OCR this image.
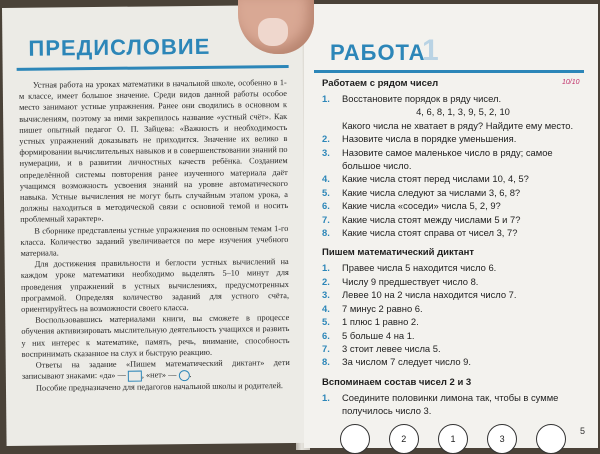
ПРЕДИСЛОВИЕ

Устная работа на уроках математики в начальной школе, особенно в 1-м классе, имеет большое значение. Среди видов данной работы особое место занимают устные упражнения. Ранее они сводились в основном к вычислениям, поэтому за ними закрепилось название «устный счёт». Как пишет опытный педагог О. П. Зайцева: «Важность и необходимость устных упражнений доказывать не приходится. Значение их велико в формировании вычислительных навыков и в совершенствовании знаний по нумерации, и в развитии личностных качеств ребёнка. Созданием определённой системы повторения ранее изученного материала даёт учащимся возможность усвоения знаний на уровне автоматического навыка. Устные вычисления не могут быть случайным этапом урока, а должны находиться в методической связи с основной темой и носить проблемный характер».

В сборнике представлены устные упражнения по основным темам 1-го класса. Количество заданий увеличивается по мере изучения учебного материала.

Для достижения правильности и беглости устных вычислений на каждом уроке математики необходимо выделять 5–10 минут для проведения упражнений в устных вычислениях, предусмотренных программой. Определяя количество заданий для устного счёта, ориентируйтесь на возможности своего класса.

Воспользовавшись материалами книги, вы сможете в процессе обучения активизировать мыслительную деятельность учащихся и развить у них интерес к математике, память, речь, внимание, способность воспринимать сказанное на слух и быструю реакцию.

Ответы на задание «Пишем математический диктант» дети записывают знаками: «да» — , «нет» — .

Пособие предназначено для педагогов начальной школы и родителей.

РАБОТА
1
10/10
Работаем с рядом чисел
1.	Восстановите порядок в ряду чисел.
4, 6, 8, 1, 3, 9, 5, 2, 10
Какого числа не хватает в ряду? Найдите ему место.
2.	Назовите числа в порядке уменьшения.
3.	Назовите самое маленькое число в ряду; самое большое число.
4.	Какие числа стоят перед числами 10, 4, 5?
5.	Какие числа следуют за числами 3, 6, 8?
6.	Какие числа «соседи» числа 5, 2, 9?
7.	Какие числа стоят между числами 5 и 7?
8.	Какие числа стоят справа от чисел 3, 7?
Пишем математический диктант
1.	Правее числа 5 находится число 6.
2.	Числу 9 предшествует число 8.
3.	Левее 10 на 2 числа находится число 7.
4.	7 минус 2 равно 6.
5.	1 плюс 1 равно 2.
6.	5 больше 4 на 1.
7.	3 стоит левее числа 5.
8.	За числом 7 следует число 9.
Вспоминаем состав чисел 2 и 3
1.	Соедините половинки лимона так, чтобы в сумме получилось число 3.
2	1	3
5
